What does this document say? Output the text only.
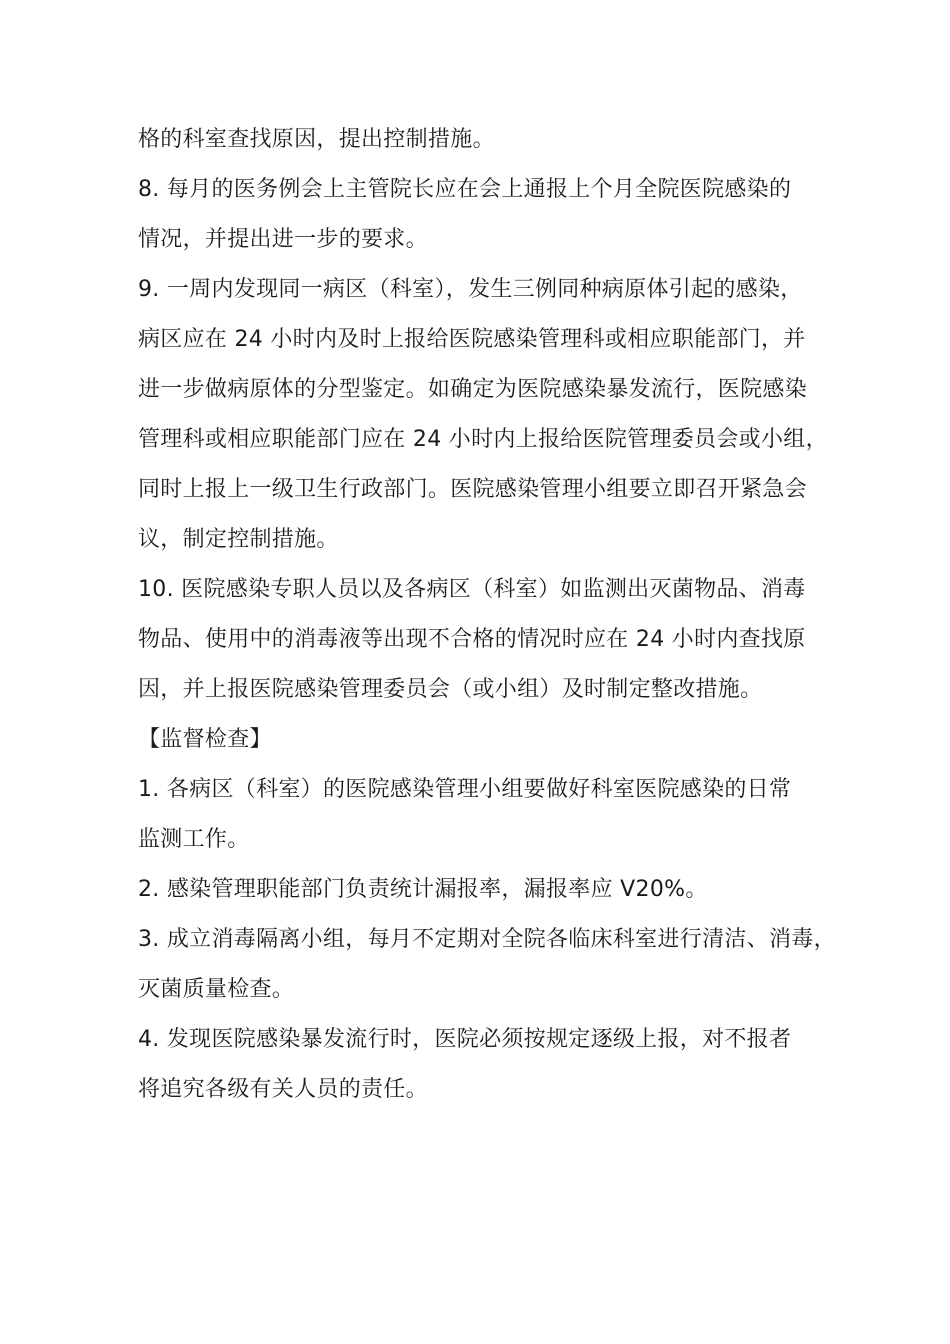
格的科室查找原因，提出控制措施。
8. 每月的医务例会上主管院长应在会上通报上个月全院医院感染的
情况，并提出进一步的要求。
9. 一周内发现同一病区（科室），发生三例同种病原体引起的感染，
病区应在 24 小时内及时上报给医院感染管理科或相应职能部门，并
进一步做病原体的分型鉴定。如确定为医院感染暴发流行，医院感染
管理科或相应职能部门应在 24 小时内上报给医院管理委员会或小组，
同时上报上一级卫生行政部门。医院感染管理小组要立即召开紧急会
议，制定控制措施。
10. 医院感染专职人员以及各病区（科室）如监测出灭菌物品、消毒
物品、使用中的消毒液等出现不合格的情况时应在 24 小时内查找原
因，并上报医院感染管理委员会（或小组）及时制定整改措施。
【监督检查】
1. 各病区（科室）的医院感染管理小组要做好科室医院感染的日常
监测工作。
2. 感染管理职能部门负责统计漏报率，漏报率应 V20%。
3. 成立消毒隔离小组，每月不定期对全院各临床科室进行清洁、消毒，
灭菌质量检查。
4. 发现医院感染暴发流行时，医院必须按规定逐级上报，对不报者
将追究各级有关人员的责任。
